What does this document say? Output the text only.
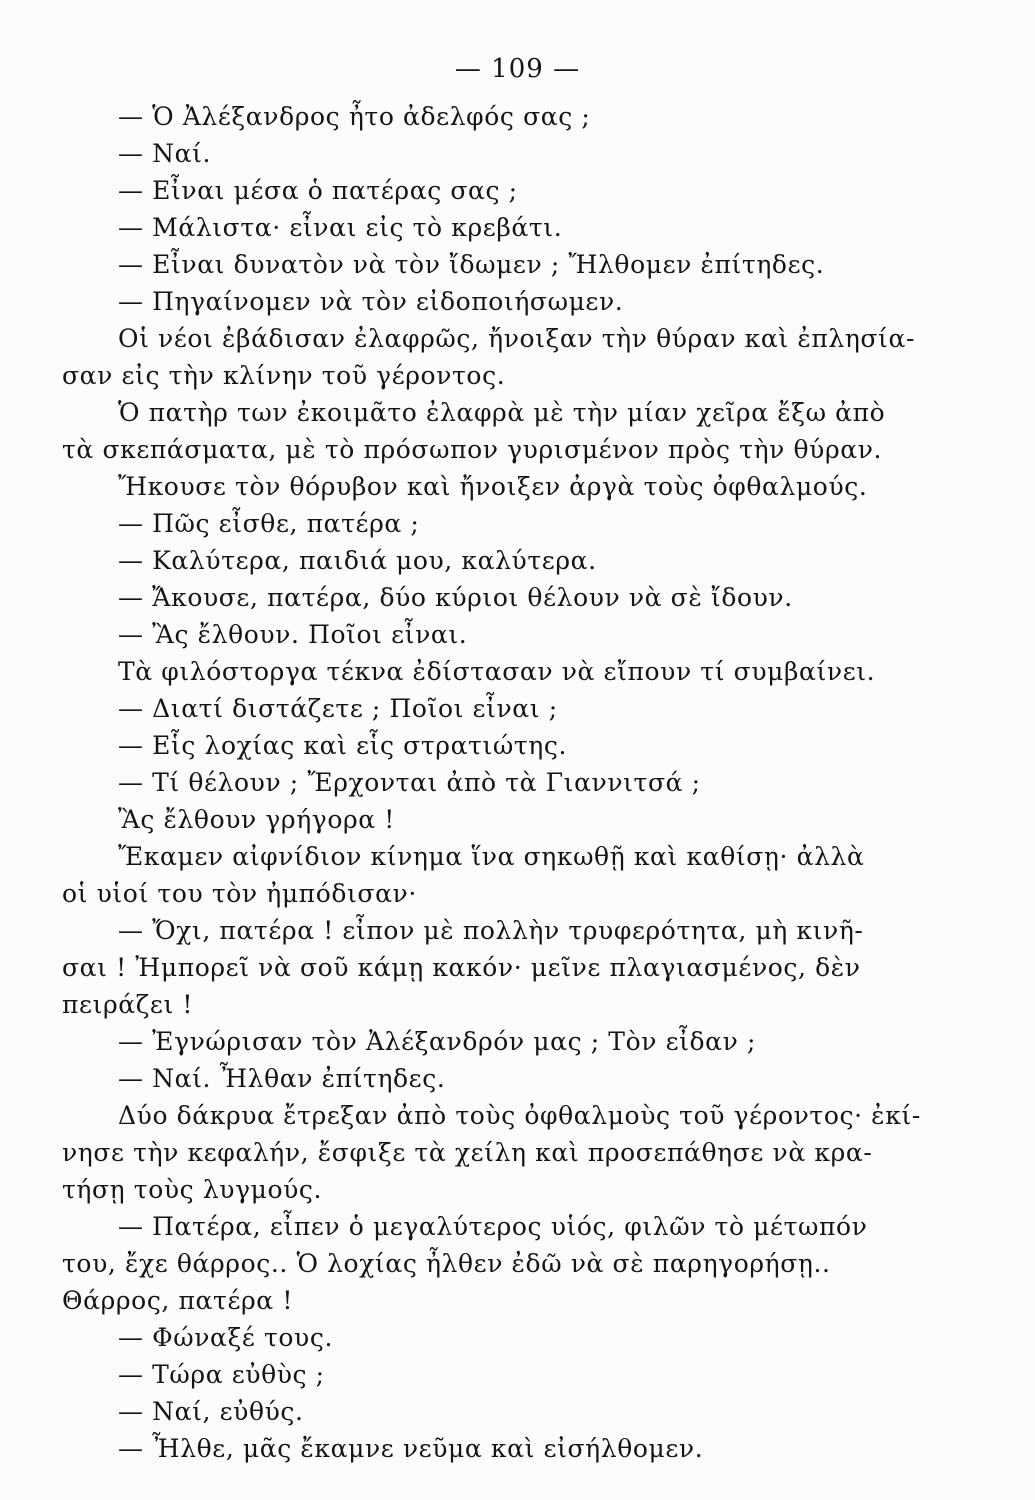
— 109 —
— Ὁ Ἀλέξανδρος ἦτο ἀδελφός σας ;
— Ναί.
— Εἶναι μέσα ὁ πατέρας σας ;
— Μάλιστα· εἶναι εἰς τὸ κρεβάτι.
— Εἶναι δυνατὸν νὰ τὸν ἴδωμεν ; Ἤλθομεν ἐπίτηδες.
— Πηγαίνομεν νὰ τὸν εἰδοποιήσωμεν.
Οἱ νέοι ἐβάδισαν ἐλαφρῶς, ἤνοιξαν τὴν θύραν καὶ ἐπλησία-
σαν εἰς τὴν κλίνην τοῦ γέροντος.
Ὁ πατὴρ των ἐκοιμᾶτο ἐλαφρὰ μὲ τὴν μίαν χεῖρα ἔξω ἀπὸ
τὰ σκεπάσματα, μὲ τὸ πρόσωπον γυρισμένον πρὸς τὴν θύραν.
Ἤκουσε τὸν θόρυβον καὶ ἤνοιξεν ἀργὰ τοὺς ὀφθαλμούς.
— Πῶς εἶσθε, πατέρα ;
— Καλύτερα, παιδιά μου, καλύτερα.
— Ἄκουσε, πατέρα, δύο κύριοι θέλουν νὰ σὲ ἴδουν.
— Ἂς ἔλθουν. Ποῖοι εἶναι.
Τὰ φιλόστοργα τέκνα ἐδίστασαν νὰ εἴπουν τί συμβαίνει.
— Διατί διστάζετε ; Ποῖοι εἶναι ;
— Εἷς λοχίας καὶ εἷς στρατιώτης.
— Τί θέλουν ; Ἔρχονται ἀπὸ τὰ Γιαννιτσά ;
Ἂς ἔλθουν γρήγορα !
Ἔκαμεν αἰφνίδιον κίνημα ἵνα σηκωθῇ καὶ καθίσῃ· ἀλλὰ
οἱ υἱοί του τὸν ἠμπόδισαν·
— Ὄχι, πατέρα ! εἶπον μὲ πολλὴν τρυφερότητα, μὴ κινῆ-
σαι ! Ἠμπορεῖ νὰ σοῦ κάμῃ κακόν· μεῖνε πλαγιασμένος, δὲν
πειράζει !
— Ἐγνώρισαν τὸν Ἀλέξανδρόν μας ; Τὸν εἶδαν ;
— Ναί. Ἦλθαν ἐπίτηδες.
Δύο δάκρυα ἔτρεξαν ἀπὸ τοὺς ὀφθαλμοὺς τοῦ γέροντος· ἐκί-
νησε τὴν κεφαλήν, ἔσφιξε τὰ χείλη καὶ προσεπάθησε νὰ κρα-
τήσῃ τοὺς λυγμούς.
— Πατέρα, εἶπεν ὁ μεγαλύτερος υἱός, φιλῶν τὸ μέτωπόν
του, ἔχε θάρρος.. Ὁ λοχίας ἦλθεν ἐδῶ νὰ σὲ παρηγορήσῃ..
Θάρρος, πατέρα !
— Φώναξέ τους.
— Τώρα εὐθὺς ;
— Ναί, εὐθύς.
— Ἦλθε, μᾶς ἔκαμνε νεῦμα καὶ εἰσήλθομεν.
